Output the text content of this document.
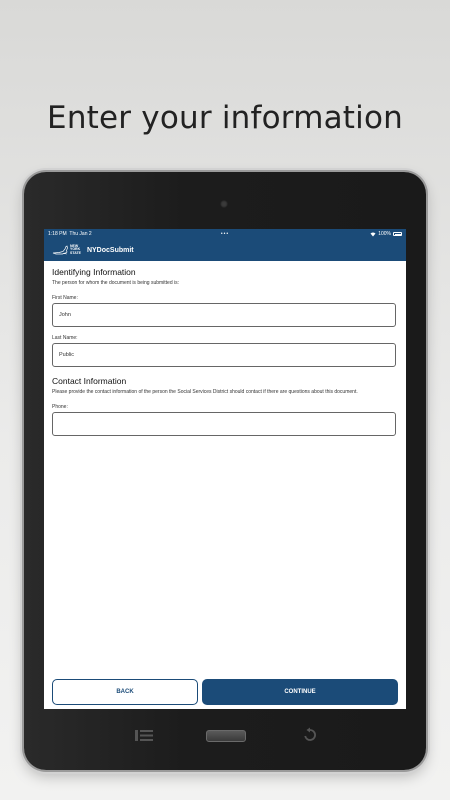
Enter your information
1:18 PM Thu Jan 2	•••	100%
NEW
YORK
STATE NYDocSubmit
Identifying Information
The person for whom the document is being submitted is:
First Name:
John
Last Name:
Public
Contact Information
Please provide the contact information of the person the Social Services District should contact if there are questions about this document.
Phone:
BACK	CONTINUE
